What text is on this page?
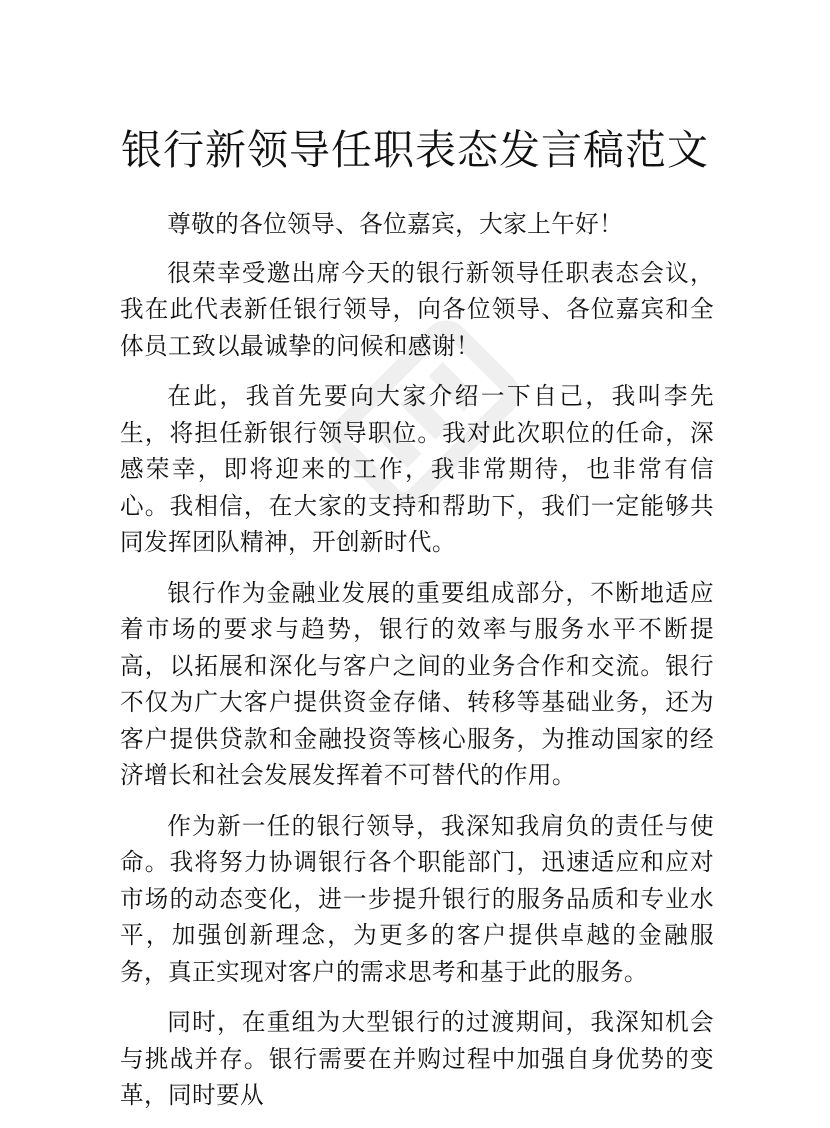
银行新领导任职表态发言稿范文

尊敬的各位领导、各位嘉宾，大家上午好！

很荣幸受邀出席今天的银行新领导任职表态会议，我在此代表新任银行领导，向各位领导、各位嘉宾和全体员工致以最诚挚的问候和感谢！

在此，我首先要向大家介绍一下自己，我叫李先生，将担任新银行领导职位。我对此次职位的任命，深感荣幸，即将迎来的工作，我非常期待，也非常有信心。我相信，在大家的支持和帮助下，我们一定能够共同发挥团队精神，开创新时代。

银行作为金融业发展的重要组成部分，不断地适应着市场的要求与趋势，银行的效率与服务水平不断提高，以拓展和深化与客户之间的业务合作和交流。银行不仅为广大客户提供资金存储、转移等基础业务，还为客户提供贷款和金融投资等核心服务，为推动国家的经济增长和社会发展发挥着不可替代的作用。

作为新一任的银行领导，我深知我肩负的责任与使命。我将努力协调银行各个职能部门，迅速适应和应对市场的动态变化，进一步提升银行的服务品质和专业水平，加强创新理念，为更多的客户提供卓越的金融服务，真正实现对客户的需求思考和基于此的服务。

同时，在重组为大型银行的过渡期间，我深知机会与挑战并存。银行需要在并购过程中加强自身优势的变革，同时要从
